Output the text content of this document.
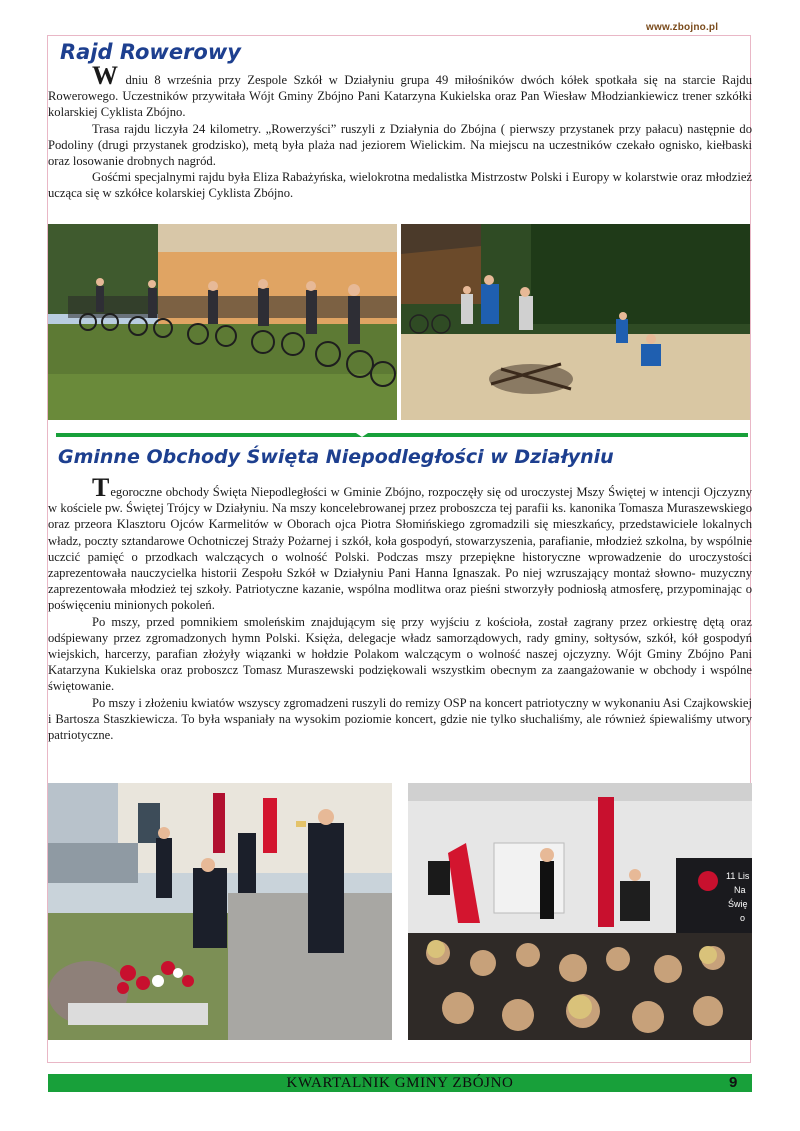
www.zbojno.pl
Rajd Rowerowy

W dniu 8 września przy Zespole Szkół w Działyniu grupa 49 miłośników dwóch kółek spotkała się na starcie Rajdu Rowerowego. Uczestników przywitała Wójt Gminy Zbójno Pani Katarzyna Kukielska oraz Pan Wiesław Młodziankiewicz trener szkółki kolarskiej Cyklista Zbójno.

Trasa rajdu liczyła 24 kilometry. „Rowerzyści” ruszyli z Działynia do Zbójna ( pierwszy przystanek przy pałacu) następnie do Podoliny (drugi przystanek grodzisko), metą była plaża nad jeziorem Wielickim. Na miejscu na uczestników czekało ognisko, kiełbaski oraz losowanie drobnych nagród.

Gośćmi specjalnymi rajdu była Eliza Rabażyńska, wielokrotna medalistka Mistrzostw Polski i Europy w kolarstwie oraz młodzież ucząca się w szkółce kolarskiej Cyklista Zbójno.

Gminne Obchody Święta Niepodległości w Działyniu

Tegoroczne obchody Święta Niepodległości w Gminie Zbójno, rozpoczęły się od uroczystej Mszy Świętej w intencji Ojczyzny w kościele pw. Świętej Trójcy w Działyniu. Na mszy koncelebrowanej przez proboszcza tej parafii ks. kanonika Tomasza Muraszewskiego oraz przeora Klasztoru Ojców Karmelitów w Oborach ojca Piotra Słomińskiego zgromadzili się mieszkańcy, przedstawiciele lokalnych władz, poczty sztandarowe Ochotniczej Straży Pożarnej i szkół, koła gospodyń, stowarzyszenia, parafianie, młodzież szkolna, by wspólnie uczcić pamięć o przodkach walczących o wolność Polski. Podczas mszy przepiękne historyczne wprowadzenie do uroczystości zaprezentowała nauczycielka historii Zespołu Szkół w Działyniu Pani Hanna Ignaszak. Po niej wzruszający montaż słowno- muzyczny zaprezentowała młodzież tej szkoły. Patriotyczne kazanie, wspólna modlitwa oraz pieśni stworzyły podniosłą atmosferę, przypominając o poświęceniu minionych pokoleń.

Po mszy, przed pomnikiem smoleńskim znajdującym się przy wyjściu z kościoła, został zagrany przez orkiestrę dętą oraz odśpiewany przez zgromadzonych hymn Polski. Księża, delegacje władz samorządowych, rady gminy, sołtysów, szkół, kół gospodyń wiejskich, harcerzy, parafian złożyły wiązanki w hołdzie Polakom walczącym o wolność naszej ojczyzny. Wójt Gminy Zbójno Pani Katarzyna Kukielska oraz proboszcz Tomasz Muraszewski podziękowali wszystkim obecnym za zaangażowanie w obchody i wspólne świętowanie.

Po mszy i złożeniu kwiatów wszyscy zgromadzeni ruszyli do remizy OSP na koncert patriotyczny w wykonaniu Asi Czajkowskiej i Bartosza Staszkiewicza. To była wspaniały na wysokim poziomie koncert, gdzie nie tylko słuchaliśmy, ale również śpiewaliśmy utwory patriotyczne.

11 Lis
Na
Świę
o
KWARTALNIK GMINY ZBÓJNO	9
